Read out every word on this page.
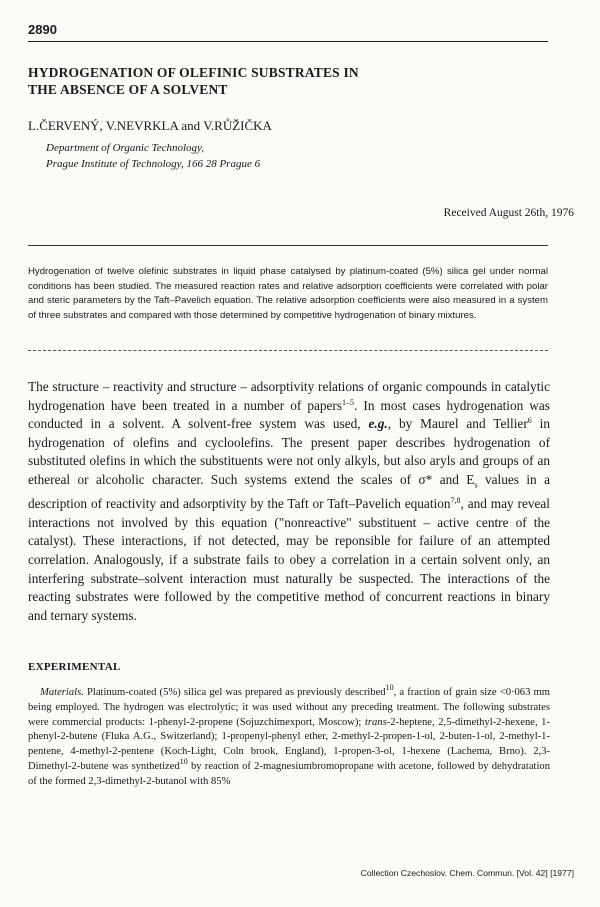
2890
HYDROGENATION OF OLEFINIC SUBSTRATES IN
THE ABSENCE OF A SOLVENT
L.ČERVENÝ, V.NEVRKLA and V.RŮŽIČKA
Department of Organic Technology,
Prague Institute of Technology, 166 28 Prague 6
Received August 26th, 1976

Hydrogenation of twelve olefinic substrates in liquid phase catalysed by platinum-coated (5%) silica gel under normal conditions has been studied. The measured reaction rates and relative adsorption coefficients were correlated with polar and steric parameters by the Taft–Pavelich equation. The relative adsorption coefficients were also measured in a system of three substrates and compared with those determined by competitive hydrogenation of binary mixtures.

The structure – reactivity and structure – adsorptivity relations of organic compounds in catalytic hydrogenation have been treated in a number of papers$^{1-5}$. In most cases hydrogenation was conducted in a solvent. A solvent-free system was used, e.g., by Maurel and Tellier$^6$ in hydrogenation of olefins and cycloolefins. The present paper describes hydrogenation of substituted olefins in which the substituents were not only alkyls, but also aryls and groups of an ethereal or alcoholic character. Such systems extend the scales of σ* and $E_s$ values in a description of reactivity and adsorptivity by the Taft or Taft–Pavelich equation$^{7,8}$, and may reveal interactions not involved by this equation ("nonreactive" substituent – active centre of the catalyst). These interactions, if not detected, may be reponsible for failure of an attempted correlation. Analogously, if a substrate fails to obey a correlation in a certain solvent only, an interfering substrate–solvent interaction must naturally be suspected. The interactions of the reacting substrates were followed by the competitive method of concurrent reactions in binary and ternary systems.

EXPERIMENTAL

Materials. Platinum-coated (5%) silica gel was prepared as previously described$^{10}$, a fraction of grain size <0·063 mm being employed. The hydrogen was electrolytic; it was used without any preceding treatment. The following substrates were commercial products: 1-phenyl-2-propene (Sojuzchimexport, Moscow); trans-2-heptene, 2,5-dimethyl-2-hexene, 1-phenyl-2-butene (Fluka A.G., Switzerland); 1-propenyl-phenyl ether, 2-methyl-2-propen-1-ol, 2-buten-1-ol, 2-methyl-1-pentene, 4-methyl-2-pentene (Koch-Light, Coln brook, England), 1-propen-3-ol, 1-hexene (Lachema, Brno). 2,3-Dimethyl-2-butene was synthetized$^{10}$ by reaction of 2-magnesiumbromopropane with acetone, followed by dehydratation of the formed 2,3-dimethyl-2-butanol with 85%

Collection Czechoslov. Chem. Commun. [Vol. 42] [1977]
